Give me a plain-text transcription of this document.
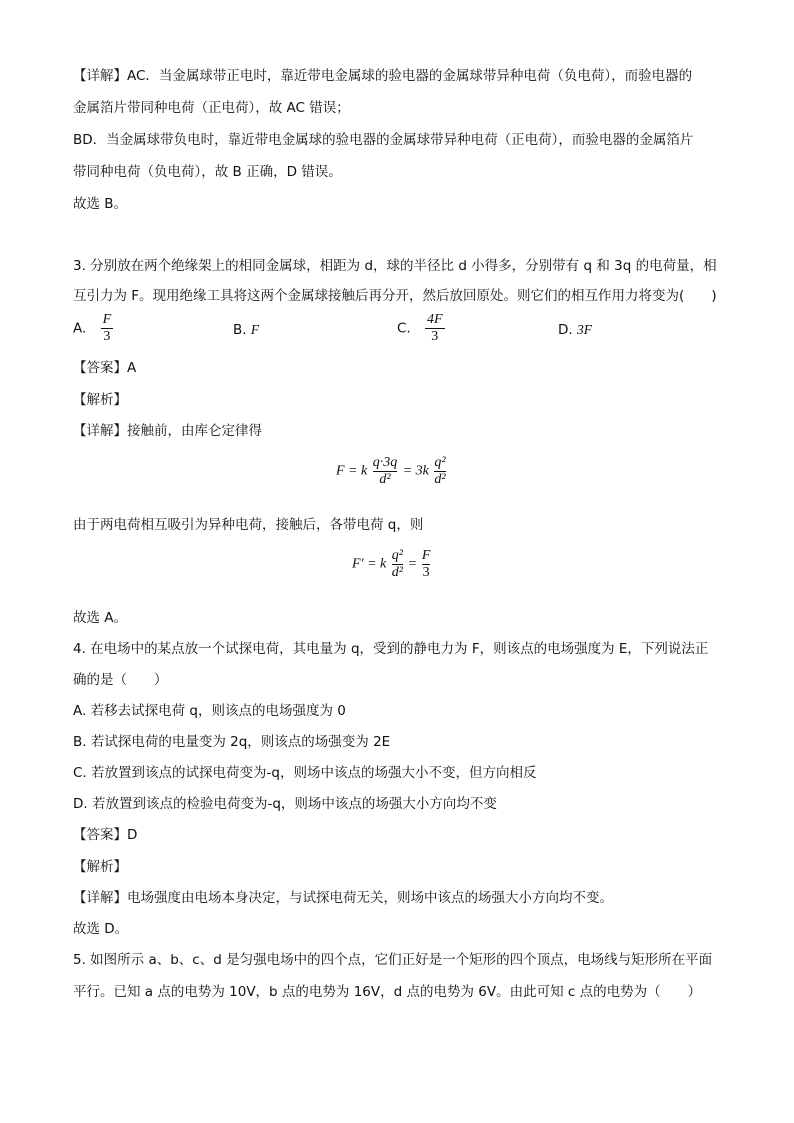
【详解】AC．当金属球带正电时，靠近带电金属球的验电器的金属球带异种电荷（负电荷），而验电器的
金属箔片带同种电荷（正电荷），故 AC 错误；
BD．当金属球带负电时，靠近带电金属球的验电器的金属球带异种电荷（正电荷），而验电器的金属箔片
带同种电荷（负电荷），故 B 正确，D 错误。
故选 B。
3. 分别放在两个绝缘架上的相同金属球，相距为 d，球的半径比 d 小得多，分别带有 q 和 3q 的电荷量，相
互引力为 F。现用绝缘工具将这两个金属球接触后再分开，然后放回原处。则它们的相互作用力将变为(　　)
A. $\frac{F}{3}$	B. F	C. $\frac{4F}{3}$	D. 3F
【答案】A
【解析】
【详解】接触前，由库仑定律得
F = k $\frac{q\cdot 3q}{\text{d²}} = 3k \frac{\text{q²}}{\text{d²}}$
由于两电荷相互吸引为异种电荷，接触后，各带电荷 q，则
F′ = k $\frac{\text{q²}}{\text{d²}} = \frac{F}{3}$
故选 A。
4. 在电场中的某点放一个试探电荷，其电量为 q，受到的静电力为 F，则该点的电场强度为 E，下列说法正
确的是（　　）
A. 若移去试探电荷 q，则该点的电场强度为 0
B. 若试探电荷的电量变为 2q，则该点的场强变为 2E
C. 若放置到该点的试探电荷变为-q，则场中该点的场强大小不变，但方向相反
D. 若放置到该点的检验电荷变为-q，则场中该点的场强大小方向均不变
【答案】D
【解析】
【详解】电场强度由电场本身决定，与试探电荷无关，则场中该点的场强大小方向均不变。
故选 D。
5. 如图所示 a、b、c、d 是匀强电场中的四个点，它们正好是一个矩形的四个顶点，电场线与矩形所在平面
平行。已知 a 点的电势为 10V，b 点的电势为 16V，d 点的电势为 6V。由此可知 c 点的电势为（　　）
